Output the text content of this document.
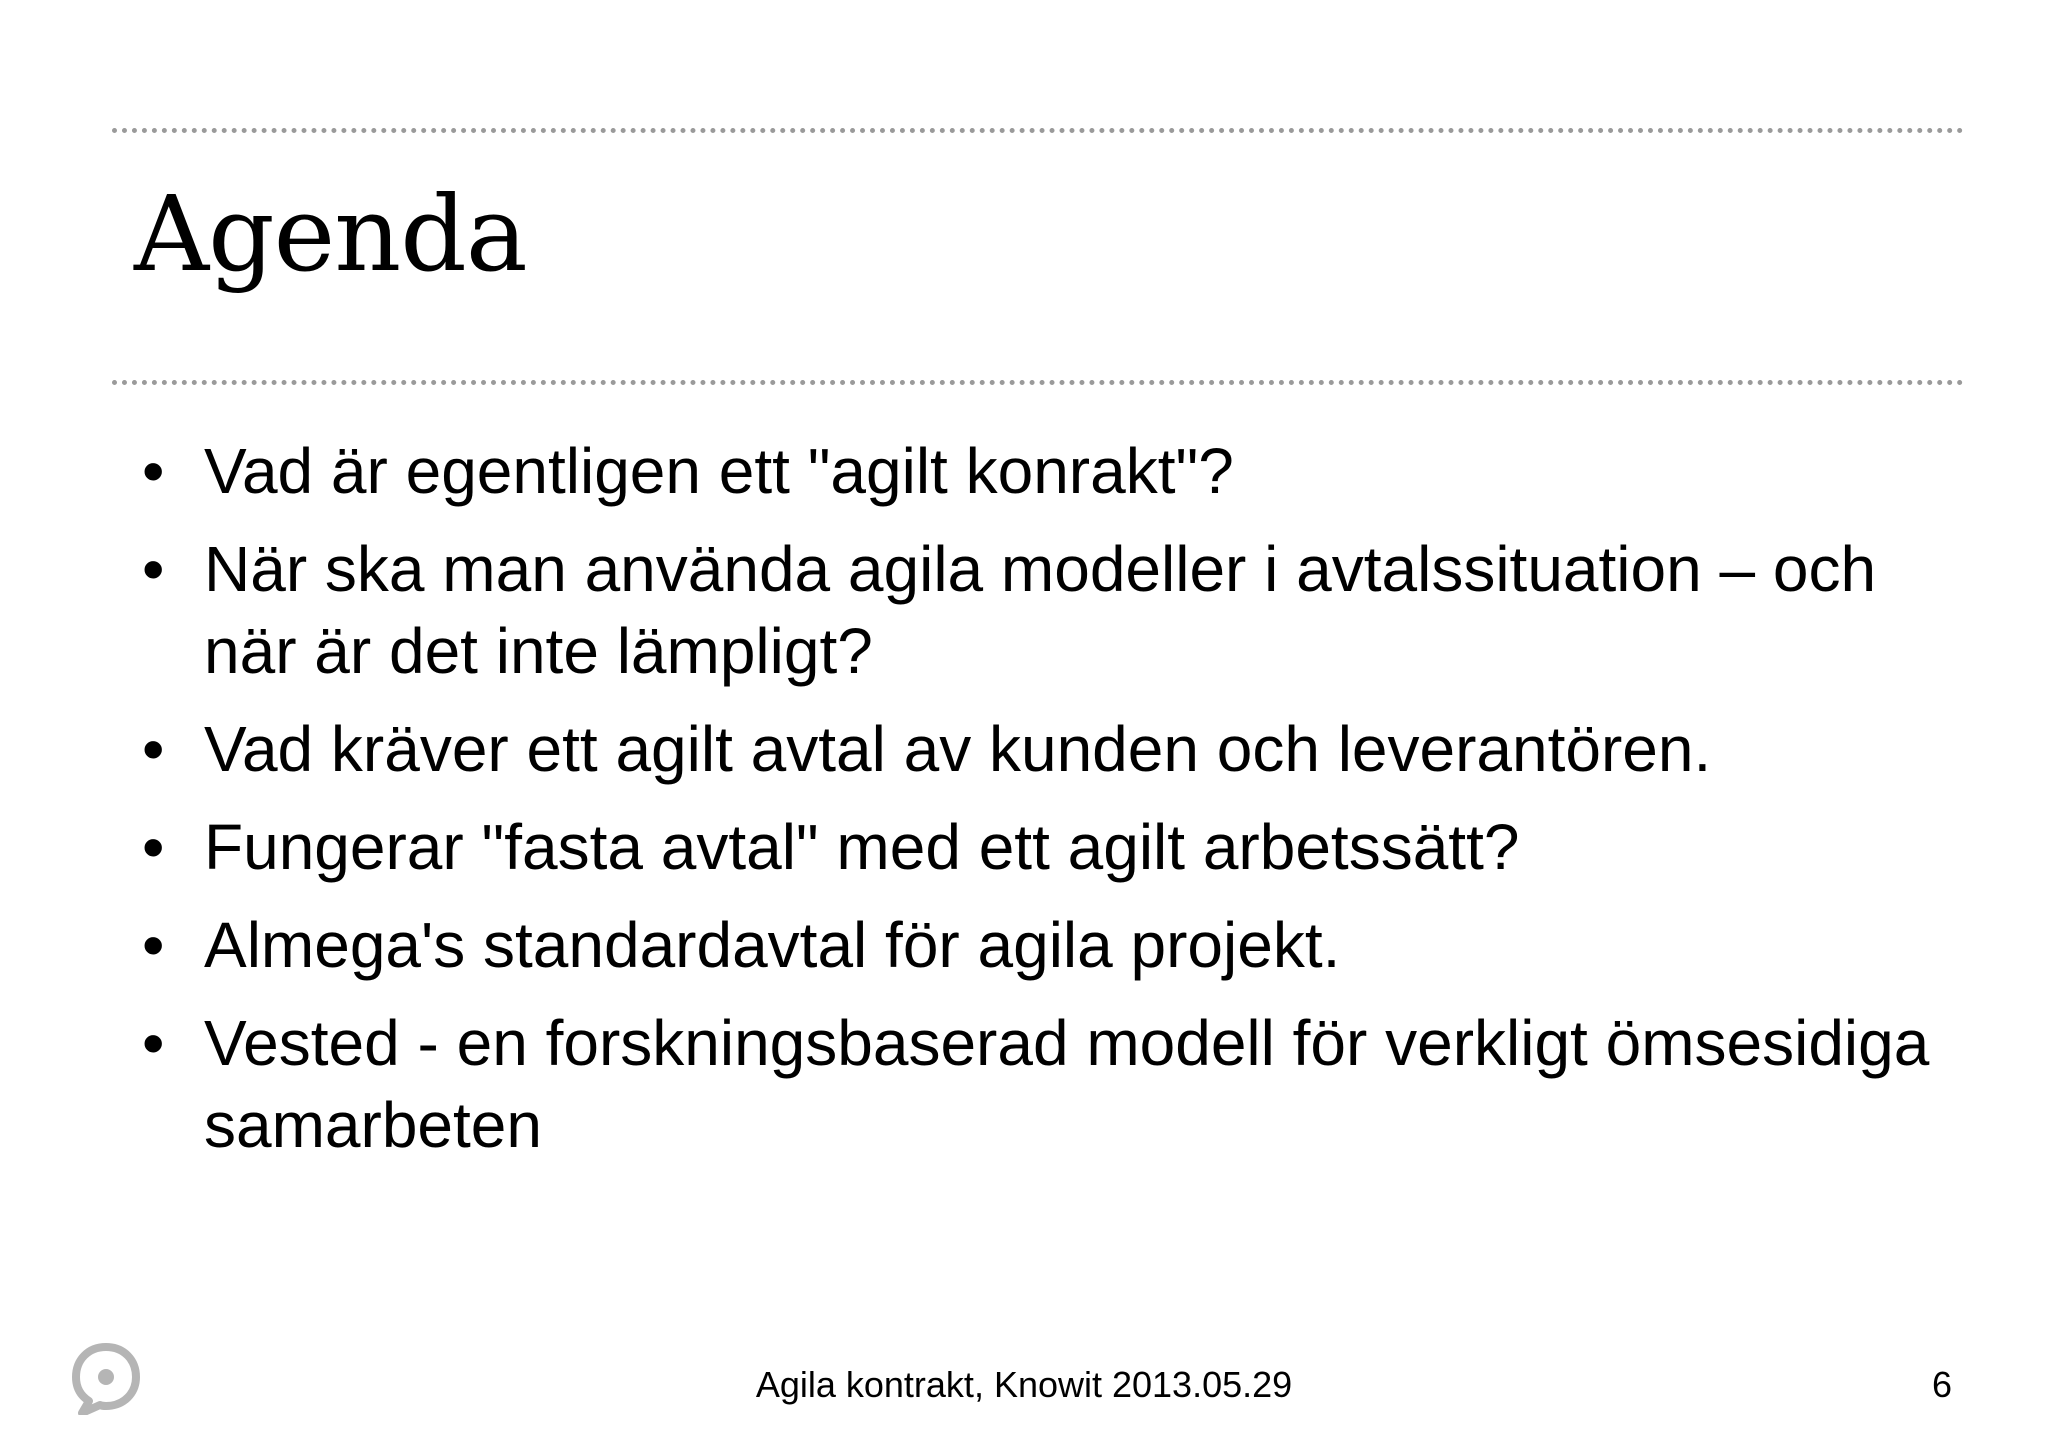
Agenda
• Vad är egentligen ett "agilt konrakt"?
• När ska man använda agila modeller i avtalssituation – och när är det inte lämpligt?
• Vad kräver ett agilt avtal av kunden och leverantören.
• Fungerar "fasta avtal" med ett agilt arbetssätt?
• Almega's standardavtal för agila projekt.
• Vested - en forskningsbaserad modell för verkligt ömsesidiga samarbeten
Agila kontrakt, Knowit 2013.05.29	6
